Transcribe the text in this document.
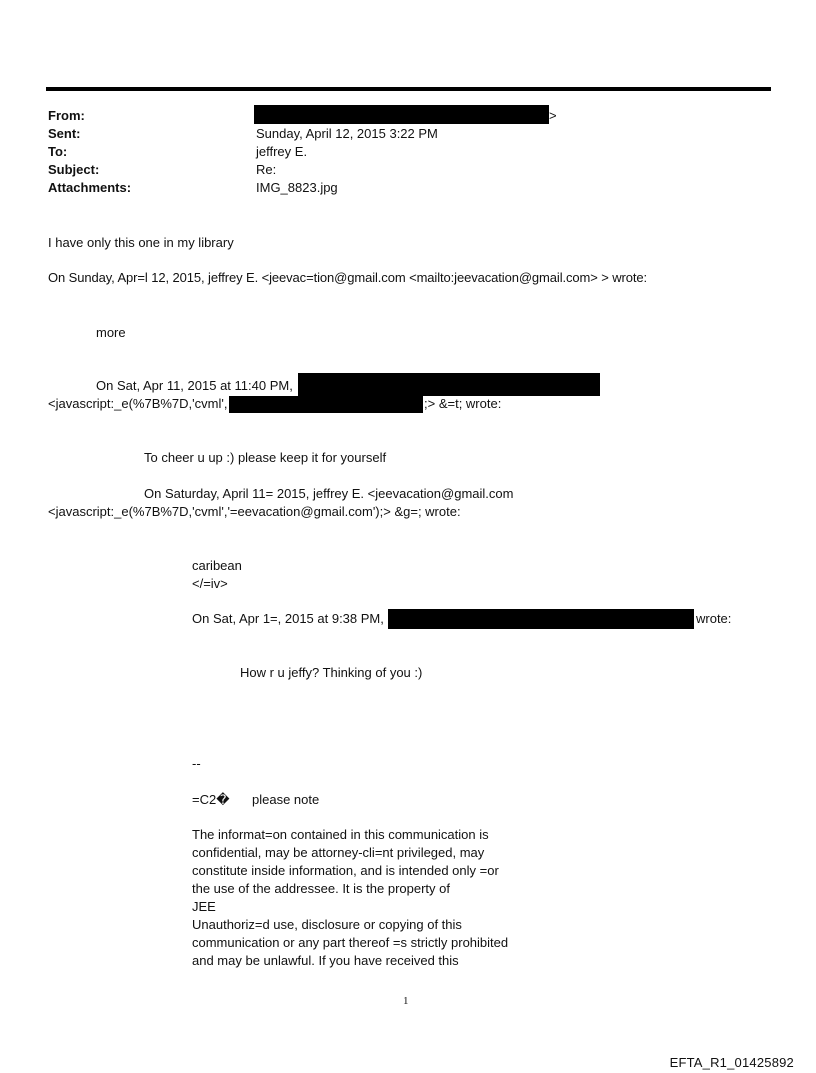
From:	>
Sent:	Sunday, April 12, 2015 3:22 PM
To:	jeffrey E.
Subject:	Re:
Attachments:	IMG_8823.jpg
I have only this one in my library
On Sunday, Apr=l 12, 2015, jeffrey E. <jeevac=tion@gmail.com <mailto:jeevacation@gmail.com> > wrote:
more
On Sat, Apr 11, 2015 at 11:40 PM,
<javascript:_e(%7B%7D,'cvml',	;> &=t; wrote:
To cheer u up :) please keep it for yourself
On Saturday, April 11= 2015, jeffrey E. <jeevacation@gmail.com
<javascript:_e(%7B%7D,'cvml','=eevacation@gmail.com');> &g=; wrote:
caribean
</=iv>
On Sat, Apr 1=, 2015 at 9:38 PM,	wrote:
How r u jeffy? Thinking of you :)
--
=C2� please note
The informat=on contained in this communication is
confidential, may be attorney-cli=nt privileged, may
constitute inside information, and is intended only =or
the use of the addressee. It is the property of
JEE
Unauthoriz=d use, disclosure or copying of this
communication or any part thereof =s strictly prohibited
and may be unlawful. If you have received this
1
EFTA_R1_01425892
